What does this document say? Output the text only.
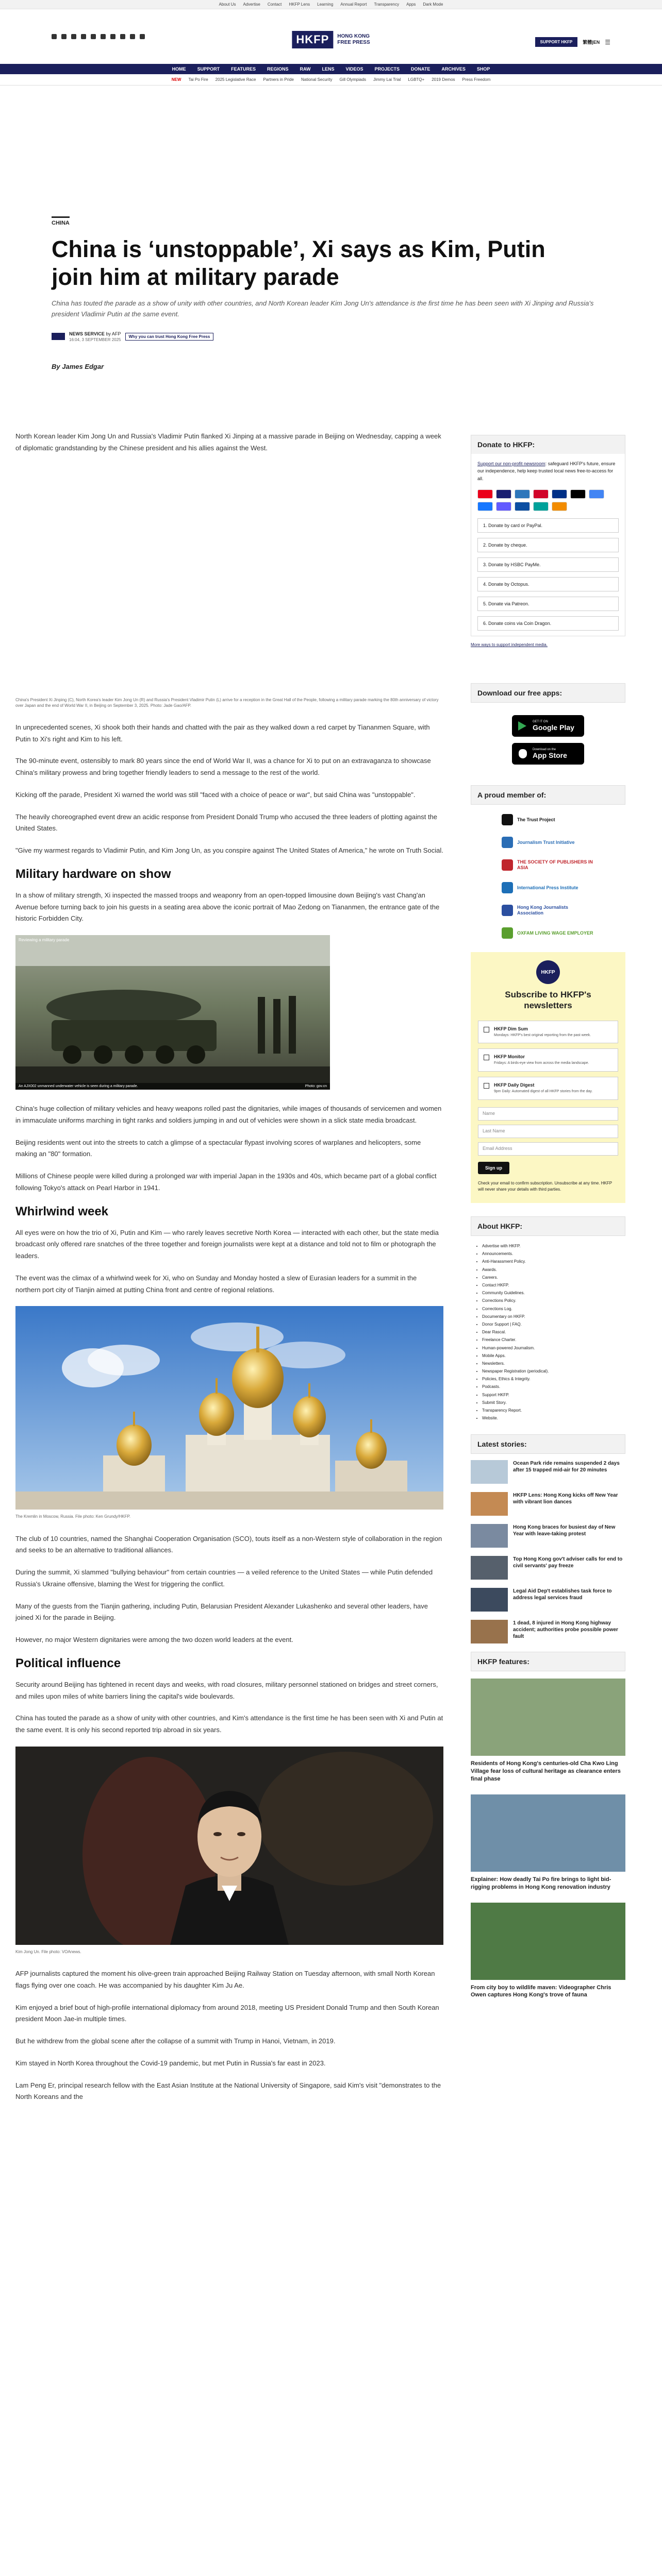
About Us Advertise Contact HKFP Lens Learning Annual Report Transparency Apps Dark Mode
HKFP	HONG KONG
FREE PRESS	SUPPORT HKFP	繁體|EN ☰
HOME SUPPORT FEATURES REGIONS RAW LENS VIDEOS PROJECTS DONATE ARCHIVES SHOP
NEW Tai Po Fire 2025 Legislative Race Partners in Pride National Security Gill Olympiads Jimmy Lai Trial LGBTQ+ 2019 Demos Press Freedom
CHINA
China is ‘unstoppable’, Xi says as Kim, Putin join him at military parade

China has touted the parade as a show of unity with other countries, and North Korean leader Kim Jong Un's attendance is the first time he has been seen with Xi Jinping and Russia's president Vladimir Putin at the same event.

NEWS SERVICE by AFP
16:04, 3 SEPTEMBER 2025
Why you can trust Hong Kong Free Press
By James Edgar

North Korean leader Kim Jong Un and Russia's Vladimir Putin flanked Xi Jinping at a massive parade in Beijing on Wednesday, capping a week of diplomatic grandstanding by the Chinese president and his allies against the West.

China's President Xi Jinping (C), North Korea's leader Kim Jong Un (R) and Russia's President Vladimir Putin (L) arrive for a reception in the Great Hall of the People, following a military parade marking the 80th anniversary of victory over Japan and the end of World War II, in Beijing on September 3, 2025. Photo: Jade Gao/AFP.

In unprecedented scenes, Xi shook both their hands and chatted with the pair as they walked down a red carpet by Tiananmen Square, with Putin to Xi's right and Kim to his left.

The 90-minute event, ostensibly to mark 80 years since the end of World War II, was a chance for Xi to put on an extravaganza to showcase China's military prowess and bring together friendly leaders to send a message to the rest of the world.

Kicking off the parade, President Xi warned the world was still "faced with a choice of peace or war", but said China was "unstoppable".

The heavily choreographed event drew an acidic response from President Donald Trump who accused the three leaders of plotting against the United States.

"Give my warmest regards to Vladimir Putin, and Kim Jong Un, as you conspire against The United States of America," he wrote on Truth Social.

Military hardware on show

In a show of military strength, Xi inspected the massed troops and weaponry from an open-topped limousine down Beijing's vast Chang'an Avenue before turning back to join his guests in a seating area above the iconic portrait of Mao Zedong on Tiananmen, the entrance gate of the historic Forbidden City.

Reviewing a military parade
An AJX002 unmanned underwater vehicle is seen during a military parade.	Photo: gov.cn

China's huge collection of military vehicles and heavy weapons rolled past the dignitaries, while images of thousands of servicemen and women in immaculate uniforms marching in tight ranks and soldiers jumping in and out of vehicles were shown in a slick state media broadcast.

Beijing residents went out into the streets to catch a glimpse of a spectacular flypast involving scores of warplanes and helicopters, some making an "80" formation.

Millions of Chinese people were killed during a prolonged war with imperial Japan in the 1930s and 40s, which became part of a global conflict following Tokyo's attack on Pearl Harbor in 1941.

Whirlwind week

All eyes were on how the trio of Xi, Putin and Kim — who rarely leaves secretive North Korea — interacted with each other, but the state media broadcast only offered rare snatches of the three together and foreign journalists were kept at a distance and told not to film or photograph the leaders.

The event was the climax of a whirlwind week for Xi, who on Sunday and Monday hosted a slew of Eurasian leaders for a summit in the northern port city of Tianjin aimed at putting China front and centre of regional relations.

The Kremlin in Moscow, Russia. File photo: Ken Grundy/HKFP.

The club of 10 countries, named the Shanghai Cooperation Organisation (SCO), touts itself as a non-Western style of collaboration in the region and seeks to be an alternative to traditional alliances.

During the summit, Xi slammed "bullying behaviour" from certain countries — a veiled reference to the United States — while Putin defended Russia's Ukraine offensive, blaming the West for triggering the conflict.

Many of the guests from the Tianjin gathering, including Putin, Belarusian President Alexander Lukashenko and several other leaders, have joined Xi for the parade in Beijing.

However, no major Western dignitaries were among the two dozen world leaders at the event.

Political influence

Security around Beijing has tightened in recent days and weeks, with road closures, military personnel stationed on bridges and street corners, and miles upon miles of white barriers lining the capital's wide boulevards.

China has touted the parade as a show of unity with other countries, and Kim's attendance is the first time he has been seen with Xi and Putin at the same event. It is only his second reported trip abroad in six years.

Kim Jong Un. File photo: VOAnews.

AFP journalists captured the moment his olive-green train approached Beijing Railway Station on Tuesday afternoon, with small North Korean flags flying over one coach. He was accompanied by his daughter Kim Ju Ae.

Kim enjoyed a brief bout of high-profile international diplomacy from around 2018, meeting US President Donald Trump and then South Korean president Moon Jae-in multiple times.

But he withdrew from the global scene after the collapse of a summit with Trump in Hanoi, Vietnam, in 2019.

Kim stayed in North Korea throughout the Covid-19 pandemic, but met Putin in Russia's far east in 2023.

Lam Peng Er, principal research fellow with the East Asian Institute at the National University of Singapore, said Kim's visit "demonstrates to the North Koreans and the

Donate to HKFP:
Support our non-profit newsroom: safeguard HKFP's future, ensure our independence, help keep trusted local news free-to-access for all.
1. Donate by card or PayPal.
2. Donate by cheque.
3. Donate by HSBC PayMe.
4. Donate by Octopus.
5. Donate via Patreon.
6. Donate coins via Coin Dragon.
More ways to support independent media.
Download our free apps:
GET IT ON
Google Play
Download on the
App Store
A proud member of:
The Trust Project
Journalism Trust Initiative
THE SOCIETY OF PUBLISHERS IN ASIA
International Press Institute
Hong Kong Journalists Association
OXFAM LIVING WAGE EMPLOYER
HKFP
Subscribe to HKFP's newsletters
HKFP Dim Sum
Mondays: HKFP's best original reporting from the past week.
HKFP Monitor
Fridays: A birds-eye view from across the media landscape.
HKFP Daily Digest
9pm Daily: Automated digest of all HKFP stories from the day.
Name
Last Name
Email Address
Sign up
Check your email to confirm subscription. Unsubscribe at any time. HKFP will never share your details with third parties.
About HKFP:
• Advertise with HKFP.
• Announcements.
• Anti-Harassment Policy.
• Awards.
• Careers.
• Contact HKFP.
• Community Guidelines.
• Corrections Policy.
• Corrections Log.
• Documentary on HKFP.
• Donor Support | FAQ.
• Dear Rascal.
• Freelance Charter.
• Human-powered Journalism.
• Mobile Apps.
• Newsletters.
• Newspaper Registration (periodical).
• Policies, Ethics & Integrity.
• Podcasts.
• Support HKFP.
• Submit Story.
• Transparency Report.
• Website.
Latest stories:
Ocean Park ride remains suspended 2 days after 15 trapped mid-air for 20 minutes
HKFP Lens: Hong Kong kicks off New Year with vibrant lion dances
Hong Kong braces for busiest day of New Year with leave-taking protest
Top Hong Kong gov't adviser calls for end to civil servants' pay freeze
Legal Aid Dep't establishes task force to address legal services fraud
1 dead, 8 injured in Hong Kong highway accident; authorities probe possible power fault
HKFP features:
Residents of Hong Kong's centuries-old Cha Kwo Ling Village fear loss of cultural heritage as clearance enters final phase
Explainer: How deadly Tai Po fire brings to light bid-rigging problems in Hong Kong renovation industry
From city boy to wildlife maven: Videographer Chris Owen captures Hong Kong's trove of fauna
